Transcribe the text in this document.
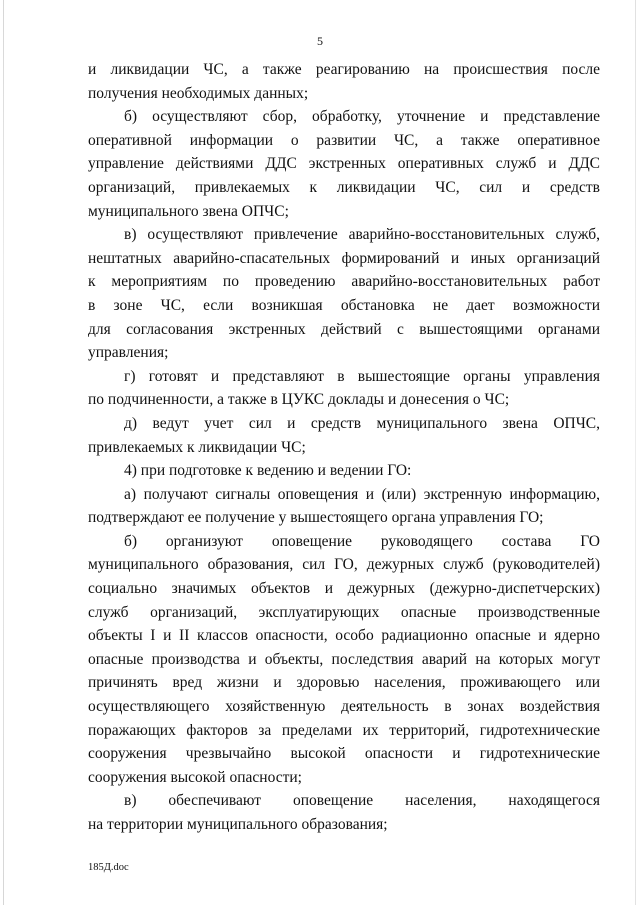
5
и ликвидации ЧС, а также реагированию на происшествия после
получения необходимых данных;
б) осуществляют сбор, обработку, уточнение и представление
оперативной информации о развитии ЧС, а также оперативное
управление действиями ДДС экстренных оперативных служб и ДДС
организаций, привлекаемых к ликвидации ЧС, сил и средств
муниципального звена ОПЧС;
в) осуществляют привлечение аварийно-восстановительных служб,
нештатных аварийно-спасательных формирований и иных организаций
к мероприятиям по проведению аварийно-восстановительных работ
в зоне ЧС, если возникшая обстановка не дает возможности
для согласования экстренных действий с вышестоящими органами
управления;
г) готовят и представляют в вышестоящие органы управления
по подчиненности, а также в ЦУКС доклады и донесения о ЧС;
д) ведут учет сил и средств муниципального звена ОПЧС,
привлекаемых к ликвидации ЧС;
4) при подготовке к ведению и ведении ГО:
а) получают сигналы оповещения и (или) экстренную информацию,
подтверждают ее получение у вышестоящего органа управления ГО;
б) организуют оповещение руководящего состава ГО
муниципального образования, сил ГО, дежурных служб (руководителей)
социально значимых объектов и дежурных (дежурно-диспетчерских)
служб организаций, эксплуатирующих опасные производственные
объекты I и II классов опасности, особо радиационно опасные и ядерно
опасные производства и объекты, последствия аварий на которых могут
причинять вред жизни и здоровью населения, проживающего или
осуществляющего хозяйственную деятельность в зонах воздействия
поражающих факторов за пределами их территорий, гидротехнические
сооружения чрезвычайно высокой опасности и гидротехнические
сооружения высокой опасности;
в) обеспечивают оповещение населения, находящегося
на территории муниципального образования;
185Д.doc
